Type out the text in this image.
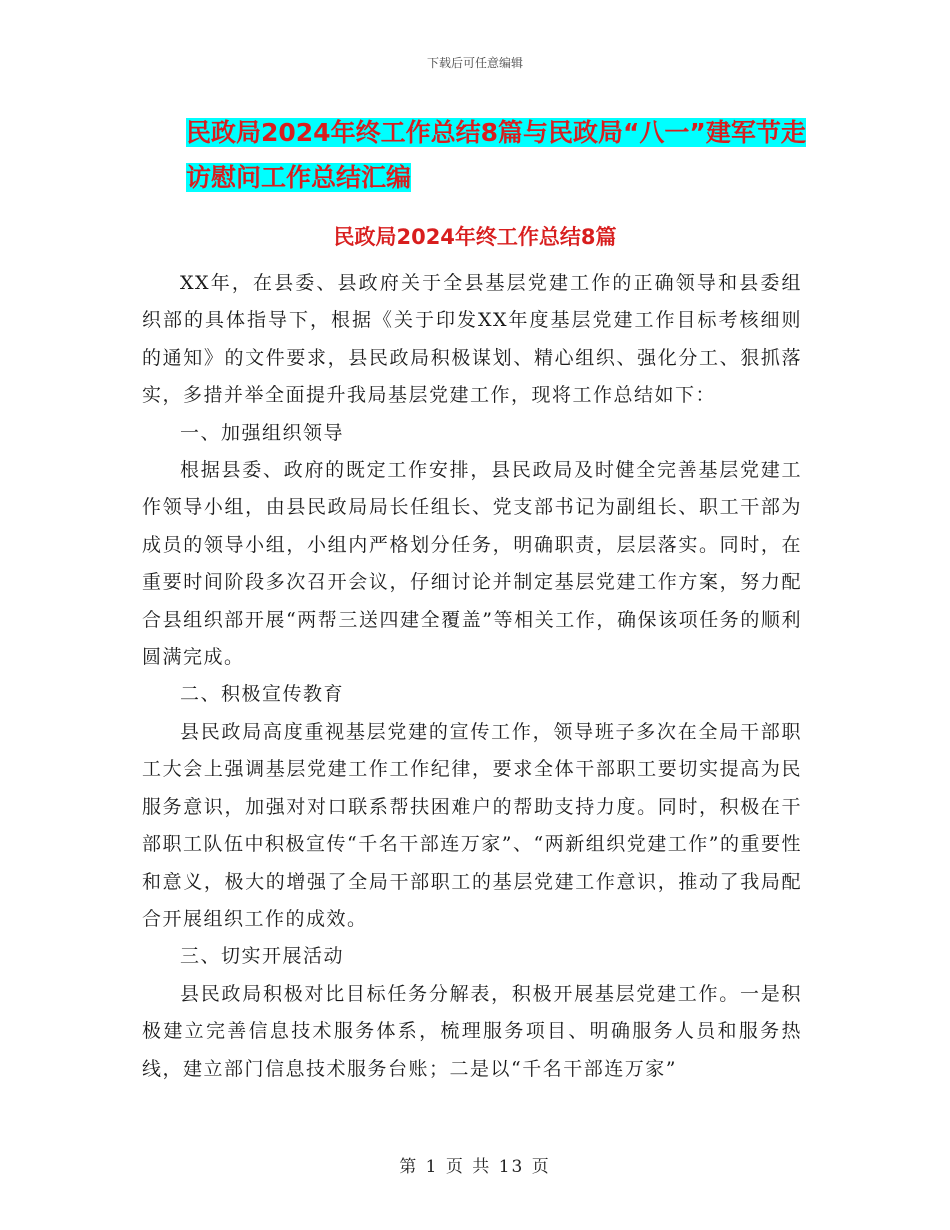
下载后可任意编辑
民政局2024年终工作总结8篇与民政局“八一”建军节走访慰问工作总结汇编
民政局2024年终工作总结8篇

XX年，在县委、县政府关于全县基层党建工作的正确领导和县委组织部的具体指导下，根据《关于印发XX年度基层党建工作目标考核细则的通知》的文件要求，县民政局积极谋划、精心组织、强化分工、狠抓落实，多措并举全面提升我局基层党建工作，现将工作总结如下：

一、加强组织领导

根据县委、政府的既定工作安排，县民政局及时健全完善基层党建工作领导小组，由县民政局局长任组长、党支部书记为副组长、职工干部为成员的领导小组，小组内严格划分任务，明确职责，层层落实。同时，在重要时间阶段多次召开会议，仔细讨论并制定基层党建工作方案，努力配合县组织部开展“两帮三送四建全覆盖”等相关工作，确保该项任务的顺利圆满完成。

二、积极宣传教育

县民政局高度重视基层党建的宣传工作，领导班子多次在全局干部职工大会上强调基层党建工作工作纪律，要求全体干部职工要切实提高为民服务意识，加强对对口联系帮扶困难户的帮助支持力度。同时，积极在干部职工队伍中积极宣传“千名干部连万家”、“两新组织党建工作”的重要性和意义，极大的增强了全局干部职工的基层党建工作意识，推动了我局配合开展组织工作的成效。

三、切实开展活动

县民政局积极对比目标任务分解表，积极开展基层党建工作。一是积极建立完善信息技术服务体系，梳理服务项目、明确服务人员和服务热线，建立部门信息技术服务台账；二是以“千名干部连万家”

第 1 页 共 13 页
